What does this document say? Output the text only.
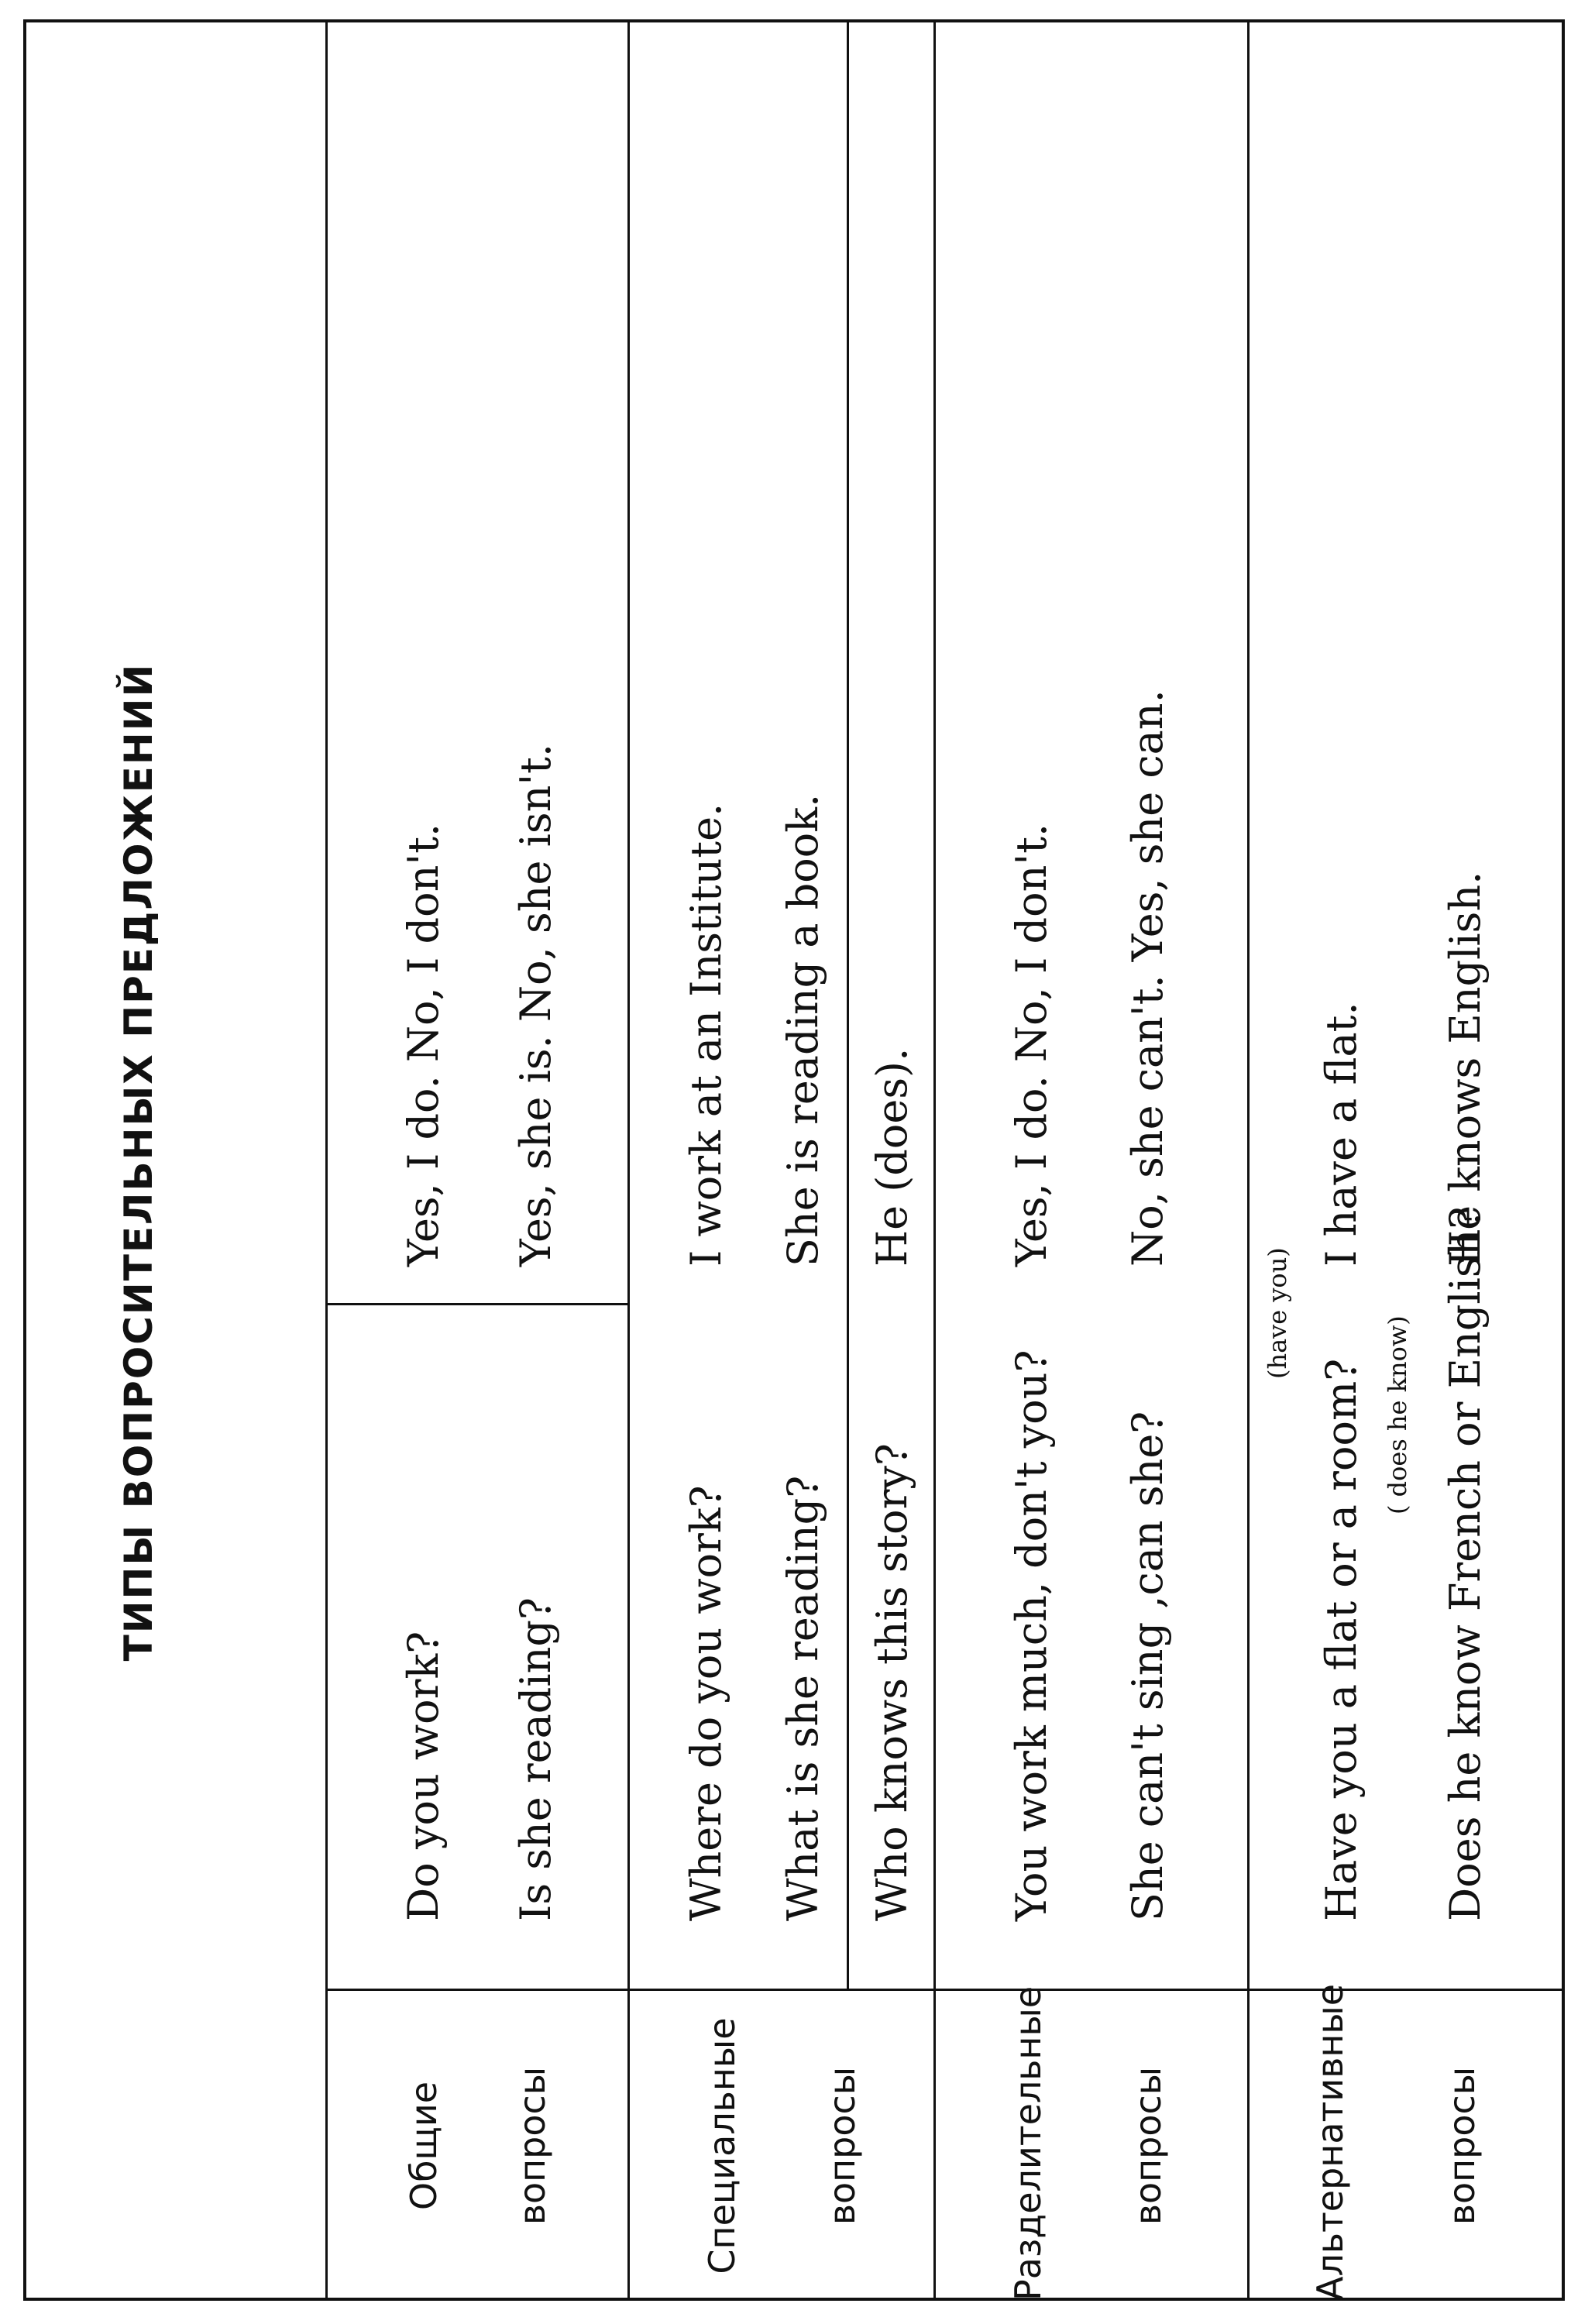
ТИПЫ ВОПРОСИТЕЛЬНЫХ ПРЕДЛОЖЕНИЙ
Общие вопросы
Do you work? Is she reading?
Yes, I do. No, I don't. Yes, she is. No, she isn't.
Специальные вопросы
Where do you work? What is she reading?
I work at an Institute. She is reading a book.
Who knows this story?
He (does).
Разделительные вопросы
You work much, don't you? She can't sing ,can she?
Yes, I do. No, I don't. No, she can't. Yes, she can.
Альтернативные	вопросы
(have you)
Have you a flat or a room? ( does he know) Does he know French or English?
I have a flat. He knows English.
